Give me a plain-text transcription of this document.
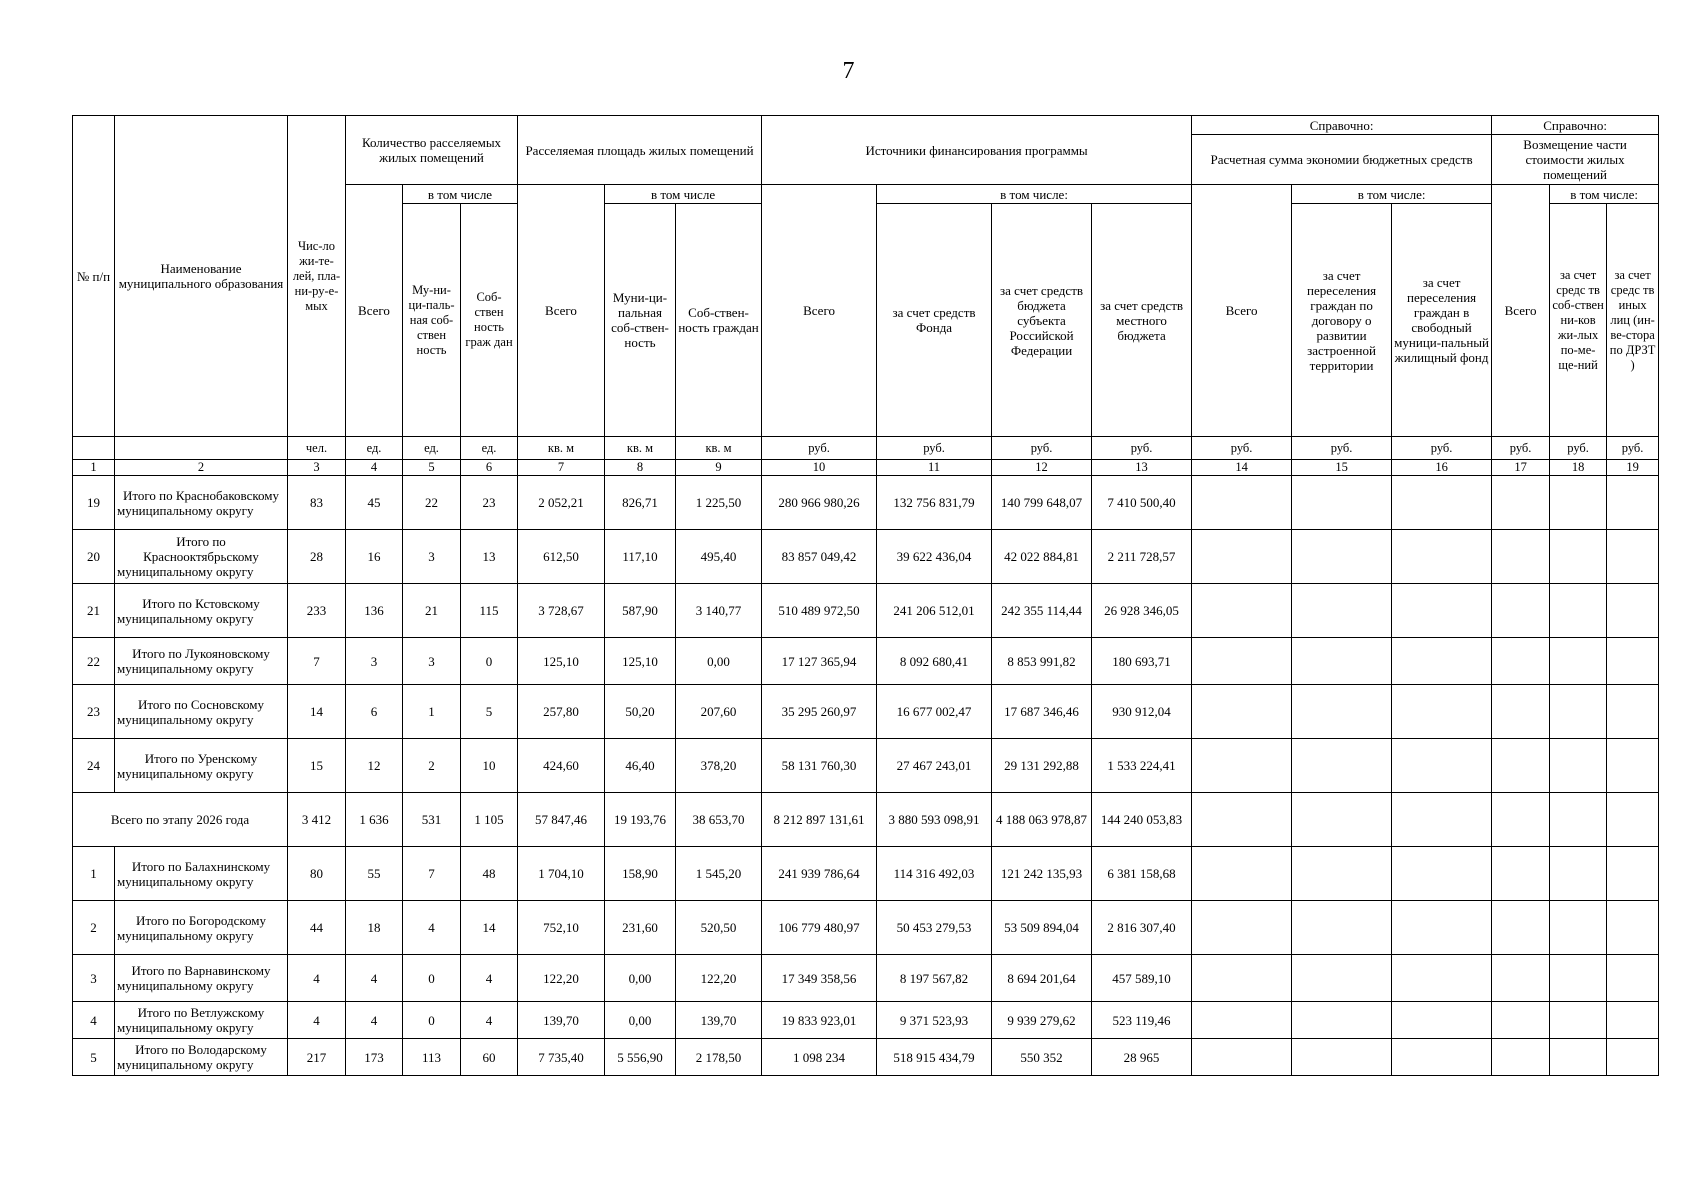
7
№ п/п	Наименование муниципального образования	Чис-ло жи-те-лей, пла-ни-ру-е-мых	Количество расселяемых жилых помещений			Расселяемая площадь жилых помещений			Источники финансирования программы				Справочно:			Справочно:		
													Расчетная сумма экономии бюджетных средств			Возмещение части стоимости жилых помещений		
			Всего	в том числе		Всего	в том числе		Всего	в том числе:			Всего	в том числе:		Всего	в том числе:	
				Му-ни-ци-паль-ная соб-ствен ность	Соб-ствен ность граж дан		Муни-ци-пальная соб-ствен-ность	Соб-ствен-ность граждан		за счет средств Фонда	за счет средств бюджета субъекта Российской Федерации	за счет средств местного бюджета		за счет переселения граждан по договору о развитии застроенной территории	за счет переселения граждан в свободный муници-пальный жилищный фонд		за счет средс тв соб-ствен ни-ков жи-лых по-ме-ще-ний	за счет средс тв иных лиц (ин-ве-стора по ДРЗТ )
		чел.	ед.	ед.	ед.	кв. м	кв. м	кв. м	руб.	руб.	руб.	руб.	руб.	руб.	руб.	руб.	руб.	руб.
1	2	3	4	5	6	7	8	9	10	11	12	13	14	15	16	17	18	19
19	Итого по Краснобаковскому муниципальному округу	83	45	22	23	2 052,21	826,71	1 225,50	280 966 980,26	132 756 831,79	140 799 648,07	7 410 500,40						
20	Итого по Краснооктябрьскому муниципальному округу	28	16	3	13	612,50	117,10	495,40	83 857 049,42	39 622 436,04	42 022 884,81	2 211 728,57						
21	Итого по Кстовскому муниципальному округу	233	136	21	115	3 728,67	587,90	3 140,77	510 489 972,50	241 206 512,01	242 355 114,44	26 928 346,05						
22	Итого по Лукояновскому муниципальному округу	7	3	3	0	125,10	125,10	0,00	17 127 365,94	8 092 680,41	8 853 991,82	180 693,71						
23	Итого по Сосновскому муниципальному округу	14	6	1	5	257,80	50,20	207,60	35 295 260,97	16 677 002,47	17 687 346,46	930 912,04						
24	Итого по Уренскому муниципальному округу	15	12	2	10	424,60	46,40	378,20	58 131 760,30	27 467 243,01	29 131 292,88	1 533 224,41						
Всего по этапу 2026 года		3 412	1 636	531	1 105	57 847,46	19 193,76	38 653,70	8 212 897 131,61	3 880 593 098,91	4 188 063 978,87	144 240 053,83						
1	Итого по Балахнинскому муниципальному округу	80	55	7	48	1 704,10	158,90	1 545,20	241 939 786,64	114 316 492,03	121 242 135,93	6 381 158,68						
2	Итого по Богородскому муниципальному округу	44	18	4	14	752,10	231,60	520,50	106 779 480,97	50 453 279,53	53 509 894,04	2 816 307,40						
3	Итого по Варнавинскому муниципальному округу	4	4	0	4	122,20	0,00	122,20	17 349 358,56	8 197 567,82	8 694 201,64	457 589,10						
4	Итого по Ветлужскому муниципальному округу	4	4	0	4	139,70	0,00	139,70	19 833 923,01	9 371 523,93	9 939 279,62	523 119,46						
5	Итого по Володарскому муниципальному округу	217	173	113	60	7 735,40	5 556,90	2 178,50	1 098 234	518 915 434,79	550 352	28 965						
